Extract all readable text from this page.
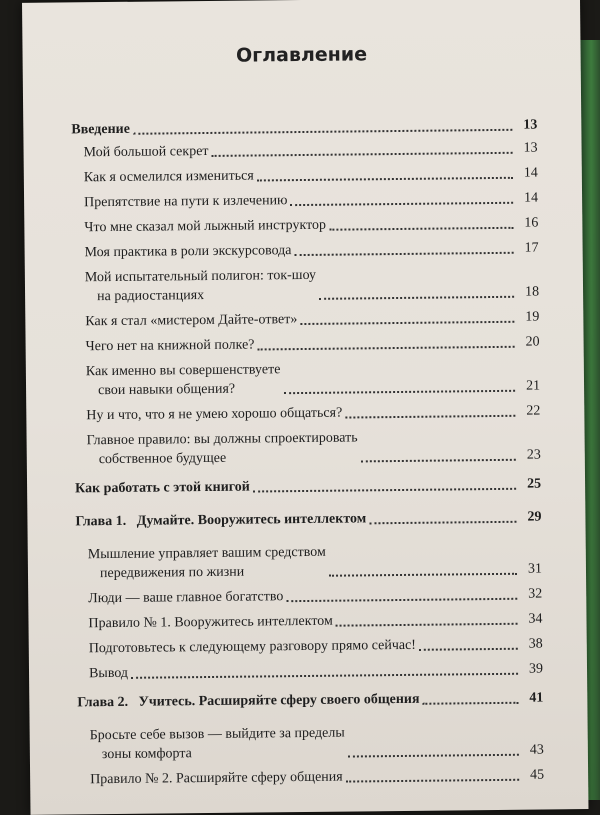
Оглавление
Введение	13
Мой большой секрет	13
Как я осмелился измениться	14
Препятствие на пути к излечению	14
Что мне сказал мой лыжный инструктор	16
Моя практика в роли экскурсовода	17
Мой испытательный полигон: ток-шоу
на радиостанциях	18
Как я стал «мистером Дайте-ответ»	19
Чего нет на книжной полке?	20
Как именно вы совершенствуете
свои навыки общения?	21
Ну и что, что я не умею хорошо общаться?	22
Главное правило: вы должны спроектировать
собственное будущее	23
Как работать с этой книгой	25
Глава 1.   Думайте. Вооружитесь интеллектом	29
Мышление управляет вашим средством
передвижения по жизни	31
Люди — ваше главное богатство	32
Правило № 1. Вооружитесь интеллектом	34
Подготовьтесь к следующему разговору прямо сейчас!	38
Вывод	39
Глава 2.   Учитесь. Расширяйте сферу своего общения	41
Бросьте себе вызов — выйдите за пределы
зоны комфорта	43
Правило № 2. Расширяйте сферу общения	45
